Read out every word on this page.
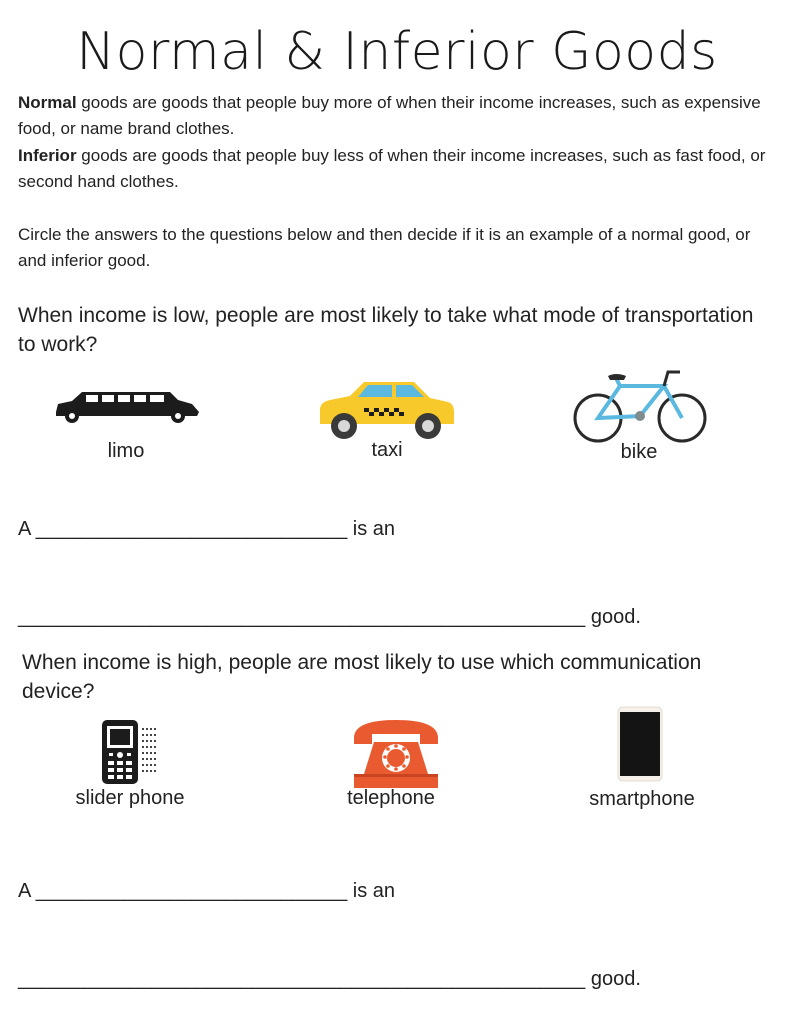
Normal & Inferior Goods
Normal goods are goods that people buy more of when their income increases, such as expensive food, or name brand clothes.
Inferior goods are goods that people buy less of when their income increases, such as fast food, or second hand clothes.
Circle the answers to the questions below and then decide if it is an example of a normal good, or and inferior good.
When income is low, people are most likely to take what mode of transportation to work?
limo	taxi	bike
A ____________________________ is an
___________________________________________________ good.
When income is high, people are most likely to use which communication device?
slider phone	telephone	smartphone
A ____________________________ is an
___________________________________________________ good.
